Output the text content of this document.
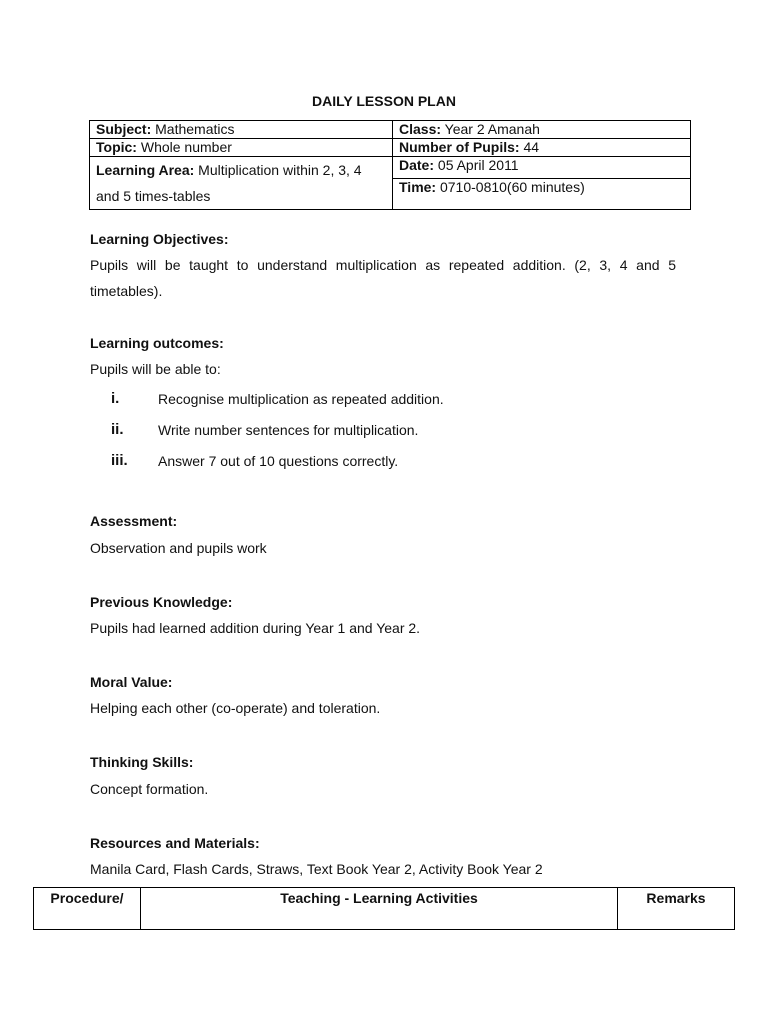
DAILY LESSON PLAN
Subject: Mathematics	Class: Year 2 Amanah
Topic: Whole number	Number of Pupils: 44
Learning Area: Multiplication within 2, 3, 4 and 5 times-tables	Date: 05 April 2011
	Time: 0710-0810(60 minutes)
Learning Objectives:
Pupils will be taught to understand multiplication as repeated addition. (2, 3, 4 and 5 timetables).
Learning outcomes:
Pupils will be able to:
i.	Recognise multiplication as repeated addition.
ii. Write number sentences for multiplication.
iii. Answer 7 out of 10 questions correctly.
Assessment:
Observation and pupils work
Previous Knowledge:
Pupils had learned addition during Year 1 and Year 2.
Moral Value:
Helping each other (co-operate) and toleration.
Thinking Skills:
Concept formation.
Resources and Materials:
Manila Card, Flash Cards, Straws, Text Book Year 2, Activity Book Year 2
Procedure/	Teaching - Learning Activities	Remarks
